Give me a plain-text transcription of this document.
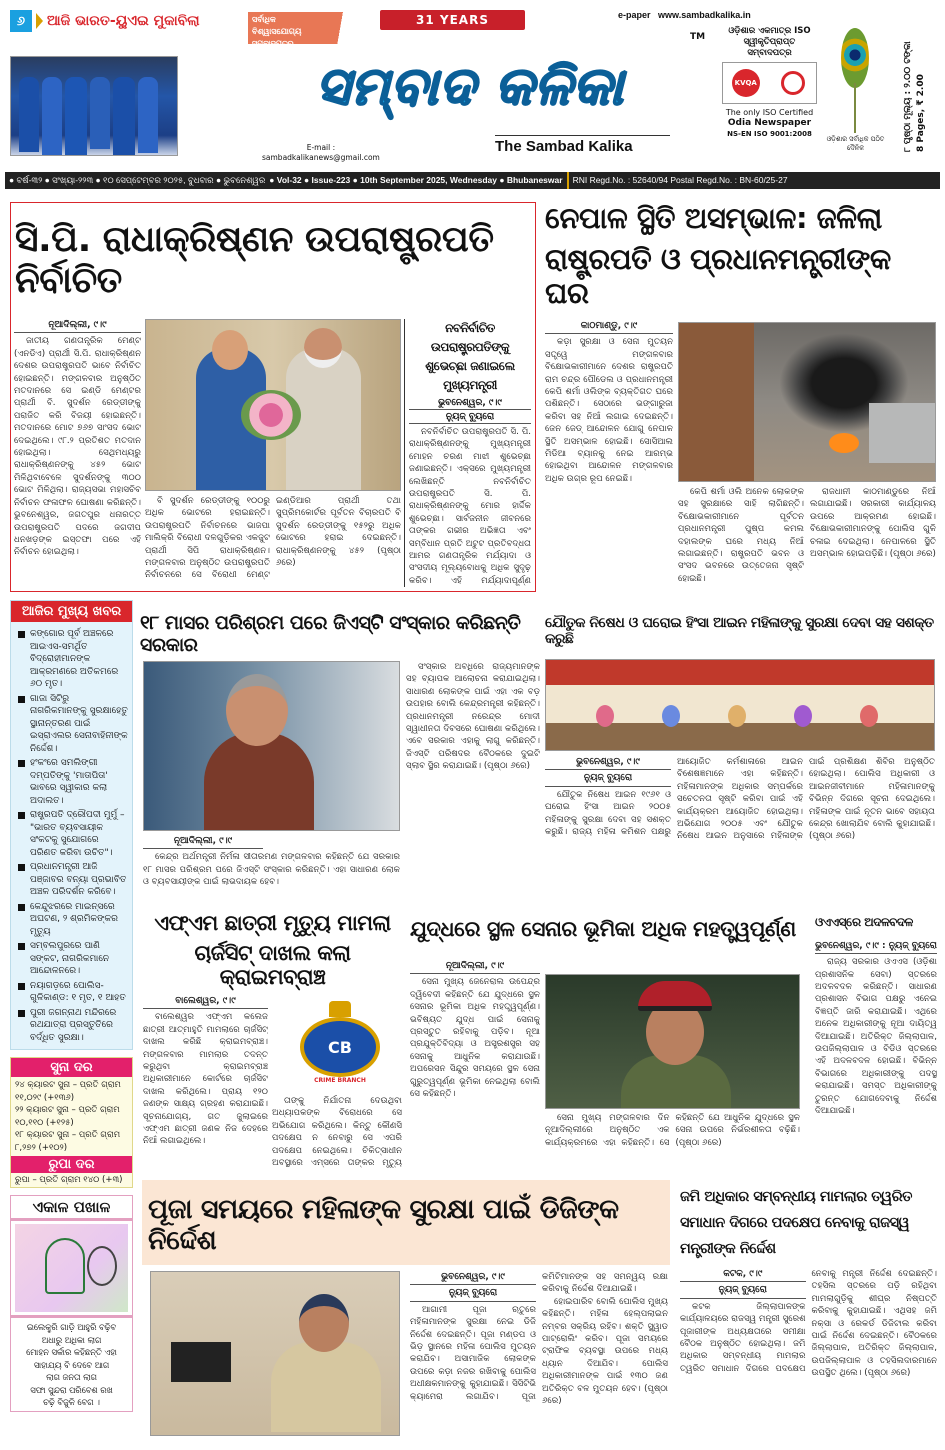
୬	ଆଜି ଭାରତ-ୟୁଏଇ ମୁକାବିଲା	ସର୍ବାଧିକ ବିଶ୍ୱାସଯୋଗ୍ୟ ସମ୍ବାଦପତ୍ର
31 YEARS
ସମ୍ବାଦ କଳିକା
TM
The Sambad Kalika
E-mail :
sambadkalikanews@gmail.com
e-paper www.sambadkalika.in
ଓଡ଼ିଶାର ଏକମାତ୍ର ISO ସ୍ୱୀକୃତିପ୍ରାପ୍ତ ସମ୍ବାଦପତ୍ର
KVQA
The only ISO Certified
Odia Newspaper
NS-EN ISO 9001:2008
ଓଡ଼ିଶାର ସର୍ବାଧିକ ପଠିତ ଦୈନିକ	୮ ପୃଷ୍ଠା ମୂଲ୍ୟ : ୨.୦୦ ଟଙ୍କା 8 Pages, ₹ 2.00
● ବର୍ଷ-୩୨ ● ସଂଖ୍ୟା-୨୨୩ ● ୧୦ ସେପ୍ଟେମ୍ବର ୨୦୨୫, ବୁଧବାର ● ଭୁବନେଶ୍ୱର ● Vol-32 ● Issue-223 ● 10th September 2025, Wednesday ● Bhubaneswar	RNI Regd.No. : 52640/94 Postal Regd.No. : BN-60/25-27
ସି.ପି. ରାଧାକ୍ରିଷ୍ଣନ ଉପରାଷ୍ଟ୍ରପତି ନିର୍ବାଚିତ
ନୂଆଦିଲ୍ଲୀ, ୯।୯

ଜାତୀୟ ଗଣତାନ୍ତ୍ରିକ ମେଣ୍ଟ (ଏନଡିଏ) ପ୍ରାର୍ଥୀ ସି.ପି. ରାଧାକ୍ରିଷ୍ଣନ ଦେଶର ଉପରାଷ୍ଟ୍ରପତି ଭାବେ ନିର୍ବାଚିତ ହୋଇଛନ୍ତି। ମଙ୍ଗଳବାର ଅନୁଷ୍ଠିତ ମତଦାନରେ ସେ ଇଣ୍ଡି ମେଣ୍ଟର ପ୍ରାର୍ଥୀ ବି. ସୁଦର୍ଶନ ରେଡ୍ଡୀଙ୍କୁ ପରାଜିତ କରି ବିଜୟୀ ହୋଇଛନ୍ତି। ମତଦାନରେ ମୋଟ ୭୬୭ ସାଂସଦ ଭୋଟ ଦେଇଥିଲେ। ୯୮.୨ ପ୍ରତିଶତ ମତଦାନ ହୋଇଥିଲା। ସେଥିମଧ୍ୟରୁ ରାଧାକ୍ରିଷ୍ଣନଙ୍କୁ ୪୫୨ ଭୋଟ ମିଳିଥିବାବେଳେ ସୁଦର୍ଶନଙ୍କୁ ୩୦୦ ଭୋଟ ମିଳିଥିଲା। ରାଜ୍ୟସଭା ମହାସଚିବ ନିର୍ବାଚନ ଫଳାଫଳ ଘୋଷଣା କରିଛନ୍ତି। ଭୁବନେଶ୍ୱର, ଜଗତପୁର ଧନାରତ୍ତ ଉପରାଷ୍ଟ୍ରପତି ପଦରେ ଜଗଦୀପ ଧନଖଡ଼ଙ୍କ ଇସ୍ତଫା ପରେ ଏହି ନିର୍ବାଚନ ହୋଇଥିଲା।

ବି ସୁଦର୍ଶନ ରେଡ୍ଡୀଙ୍କୁ ୧୦୦ରୁ ଅଧିକ ଭୋଟରେ ହରାଇଛନ୍ତି। ଉପରାଷ୍ଟ୍ରପତି ନିର୍ବାଚନରେ ଭାଜପା ମାଲିକ୍ରି ବିରୋଧୀ ଦଳଗୁଡ଼ିକର ଏକଜୁଟ ପ୍ରାର୍ଥୀ ସିପି ରାଧାକ୍ରିଷ୍ଣନ। ମଙ୍ଗଳବାର ଅନୁଷ୍ଠିତ ଉପରାଷ୍ଟ୍ରପତି ନିର୍ବାଚନରେ ସେ ବିରୋଧୀ ମେଣ୍ଟ ଇଣ୍ଡିଆର ପ୍ରାର୍ଥୀ ତଥା ସୁପ୍ରିମକୋର୍ଟର ପୂର୍ବତନ ବିଚାରପତି ବି ସୁଦର୍ଶନ ରେଡ୍ଡୀଙ୍କୁ ୧୫୨ରୁ ଅଧିକ ଭୋଟରେ ହରାଇ ଦେଇଛନ୍ତି। ରାଧାକ୍ରିଷ୍ଣନଙ୍କୁ ୪୫୨ (ପୃଷ୍ଠା ୬ରେ)

ନବନିର୍ବାଚିତ ଉପରାଷ୍ଟ୍ରପତିଙ୍କୁ ଶୁଭେଚ୍ଛା ଜଣାଇଲେ ମୁଖ୍ୟମନ୍ତ୍ରୀ
ଭୁବନେଶ୍ୱର, ୯।୯
ନ୍ୟୁଜ୍ ବ୍ୟୁରୋ

ନବନିର୍ବାଚିତ ଉପରାଷ୍ଟ୍ରପତି ସି. ପି. ରାଧାକ୍ରିଷ୍ଣନଙ୍କୁ ମୁଖ୍ୟମନ୍ତ୍ରୀ ମୋହନ ଚରଣ ମାଝୀ ଶୁଭେଚ୍ଛା ଜଣାଇଛନ୍ତି। ଏକ୍ସରେ ମୁଖ୍ୟମନ୍ତ୍ରୀ ଲେଖିଛନ୍ତି ନବନିର୍ବାଚିତ ଉପରାଷ୍ଟ୍ରପତି ସି. ପି. ରାଧାକ୍ରିଷ୍ଣନଙ୍କୁ ମୋର ହାର୍ଦ୍ଦିକ ଶୁଭେଚ୍ଛା। ସାର୍ବଜନୀନ ଜୀବନରେ ତାଙ୍କର ଗଭୀର ଅଭିଜ୍ଞତା ଏବଂ ସମ୍ବିଧାନ ପ୍ରତି ଅଟୁଟ ପ୍ରତିବଦ୍ଧତା ଆମର ଗଣତାନ୍ତ୍ରିକ ମର୍ଯ୍ୟାଦା ଓ ସଂସଦୀୟ ମୂଲ୍ୟବୋଧକୁ ଅଧିକ ସୁଦୃଢ଼ କରିବ। ଏହି ମର୍ଯ୍ୟାଦାପୂର୍ଣ୍ଣ

ନେପାଳ ସ୍ଥିତି ଅସମ୍ଭାଳ: ଜଳିଲା
ରାଷ୍ଟ୍ରପତି ଓ ପ୍ରଧାନମନ୍ତ୍ରୀଙ୍କ ଘର
କାଠମାଣ୍ଡୁ, ୯।୯

କଡ଼ା ସୁରକ୍ଷା ଓ ସେନା ମୁତୟନ ସତ୍ତ୍ୱେ ମଙ୍ଗଳବାର ବିକ୍ଷୋଭକାରୀମାନେ ଦେଶର ରାଷ୍ଟ୍ରପତି ରାମ ଚନ୍ଦ୍ର ପୌଡେଲ ଓ ପ୍ରଧାନମନ୍ତ୍ରୀ କେପି ଶର୍ମା ଓଲିଙ୍କ ବ୍ୟକ୍ତିଗତ ଘରେ ପଶିଛନ୍ତି। ସେଠାରେ ଭଙ୍ଗାରୁଜା କରିବା ସହ ନିଆଁ ଲଗାଇ ଦେଇଛନ୍ତି। ଜେନ ଜେଡ୍ ଆନ୍ଦୋଳନ ଯୋଗୁ ନେପାଳ ସ୍ଥିତି ଅସମ୍ଭାଳ ହୋଇଛି। ସୋସିଆଲ ମିଡିଆ ବ୍ୟାନକୁ ନେଇ ଆରମ୍ଭ ହୋଇଥିବା ଆନ୍ଦୋଳନ ମଙ୍ଗଳବାର ଅଧିକ ଉଗ୍ର ରୂପ ନେଇଛି।

କେପି ଶର୍ମା ଓଲି ଅନେକ ଲୋକଙ୍କ ସହ ସୁରକ୍ଷାରେ ସାହି ଲାଗିଛନ୍ତି। ବିକ୍ଷୋଭକାରୀମାନେ ପୂର୍ବତନ ପ୍ରଧାନମନ୍ତ୍ରୀ ପୁଷ୍ପ କମଲ ଦହାଲଙ୍କ ଘରେ ମଧ୍ୟ ନିଆଁ ଲଗାଇଛନ୍ତି। ରାଷ୍ଟ୍ରପତି ଭବନ ଓ ସଂସଦ ଭବନରେ ଉତ୍ତେଜନା ସୃଷ୍ଟି ହୋଇଛି।

ରାଜଧାନୀ କାଠମାଣ୍ଡୁରେ ନିଆଁ ଲଗାଯାଇଛି। ସରକାରୀ କାର୍ଯ୍ୟାଳୟ ଉପରେ ଆକ୍ରମଣ ହୋଇଛି। ବିକ୍ଷୋଭକାରୀମାନଙ୍କୁ ପୋଲିସ ଗୁଳି ଚଳାଇ ଦେଇଥିଲା। ନେପାଳରେ ସ୍ଥିତି ଅସମ୍ଭାଳ ହୋଇପଡ଼ିଛି। (ପୃଷ୍ଠା ୬ରେ)

ଆଜିର ମୁଖ୍ୟ ଖବର
କଙ୍ଗୋର ପୂର୍ବ ଅଞ୍ଚଳରେ ଆଇଏସ-ସମର୍ଥିତ ବିଦ୍ରୋହୀମାନଙ୍କ ଆକ୍ରମଣରେ ଅତିକମରେ ୬୦ ମୃତ।
ଗାଜା ସିଟିରୁ ନାଗରିକମାନଙ୍କୁ ସୁରକ୍ଷାହେତୁ ସ୍ଥାନାନ୍ତରଣ ପାଇଁ ଇସ୍ରାଏଲର ସେନାବାହିନୀଙ୍କ ନିର୍ଦ୍ଦେଶ।
ହଂକଂରେ ସମଲିଙ୍ଗୀ ଦମ୍ପତିଙ୍କୁ 'ମାତାପିତା' ଭାବରେ ସ୍ୱୀକାର କଲା ଅଦାଲତ।
ରାଷ୍ଟ୍ରପତି ଦ୍ରୌପଦୀ ମୁର୍ମୁ – "ଭାରତ ବ୍ୟବସାୟୀକ ସଂକଟକୁ ସୁଯୋଗରେ ପରିଣତ କରିବା ଉଚିତ"।
ପ୍ରଧାନମନ୍ତ୍ରୀ ଆଜି ପଞ୍ଜାବର ବନ୍ୟା ପ୍ରଭାବିତ ଅଞ୍ଚଳ ପରିଦର୍ଶନ କରିବେ।
କେନ୍ଦୁଝରରେ ମାଇନ୍ସରେ ଅଘଟଣ, ୨ ଶ୍ରମିକଙ୍କର ମୃତ୍ୟୁ
ସମ୍ବଲପୁରରେ ପାଣି ସଙ୍କଟ, ନାଗରିକମାନେ ଆନ୍ଦୋଳନରେ।
ନୟାଗଡ଼ରେ ପୋଲିସ-ଗୁଳିକାଣ୍ଡ: ୧ ମୃତ, ୧ ଆହତ
ପୁରୀ ଜଗନ୍ନାଥ ମନ୍ଦିରରେ ରଥଯାତ୍ରା ପ୍ରସ୍ତୁତିରେ ବର୍ଦ୍ଧିତ ସୁରକ୍ଷା।
ସୁନା ଦର
୨୪ କ୍ୟାରଟ ସୁନା – ପ୍ରତି ଗ୍ରାମ ୧୧,୦୨୯ (+୧୩୬)
୨୨ କ୍ୟାରଟ ସୁନା – ପ୍ରତି ଗ୍ରାମ ୧୦,୧୧୦ (+୧୨୫)
୧୮ କ୍ୟାରଟ ସୁନା – ପ୍ରତି ଗ୍ରାମ ୮,୨୭୨ (+୧୦୨)
ରୁପା ଦର
ରୁପା – ପ୍ରତି ଗ୍ରାମ ୧୪୦ (+୩)
ଏକାଳ ପଖାଳ
ଇଲେକ୍ଟ୍ରି ଗାଡ଼ି ଆହୁରି ବଢ଼ିବ
ଅଧାରୁ ଅଧିକା ଲାଗ
ମୋହନ ସର୍କାର କହିଛନ୍ତି ଏହା
ସାହାଯ୍ୟ ବି ଦେବେ ଆଗ
ଲାଗ ଜନତା ଲାଗ
ସଫା ସୁନ୍ଦରା ପରିବେଶ ରଖ
ଚଢ଼ି ବିଜୁଳି ବେଗ ।
୧୮ ମାସର ପରିଶ୍ରମ ପରେ ଜିଏସ୍‌ଟି ସଂସ୍କାର କରିଛନ୍ତି ସରକାର
ନୂଆଦିଲ୍ଲୀ, ୯।୯

କେନ୍ଦ୍ର ଅର୍ଥମନ୍ତ୍ରୀ ନିର୍ମଳା ସୀତାରମଣ ମଙ୍ଗଳବାର କହିଛନ୍ତି ଯେ ସରକାର ୧୮ ମାସର ପରିଶ୍ରମ ପରେ ଜିଏସ୍‌ଟି ସଂସ୍କାର କରିଛନ୍ତି। ଏହା ସାଧାରଣ ଲୋକ ଓ ବ୍ୟବସାୟୀଙ୍କ ପାଇଁ ଲାଭଦାୟକ ହେବ।

ସଂସ୍କାର ଅବଧିରେ ରାଜ୍ୟମାନଙ୍କ ସହ ବ୍ୟାପକ ଆଲୋଚନା କରାଯାଇଥିଲା। ସାଧାରଣ ଲୋକଙ୍କ ପାଇଁ ଏହା ଏକ ବଡ଼ ଉପହାର ବୋଲି କେନ୍ଦ୍ରମନ୍ତ୍ରୀ କହିଛନ୍ତି। ପ୍ରଧାନମନ୍ତ୍ରୀ ନରେନ୍ଦ୍ର ମୋଦୀ ସ୍ୱାଧୀନତା ଦିବସରେ ଘୋଷଣା କରିଥିଲେ। ଏବେ ସରକାର ଏହାକୁ ଲାଗୁ କରିଛନ୍ତି। ଜିଏସ୍‌ଟି ପରିଷଦର ବୈଠକରେ ଦୁଇଟି ସ୍ଲାବ ସ୍ଥିର କରାଯାଇଛି। (ପୃଷ୍ଠା ୬ରେ)

ଯୌତୁକ ନିଷେଧ ଓ ଘରୋଇ ହିଂସା ଆଇନ ମହିଳାଙ୍କୁ ସୁରକ୍ଷା ଦେବା ସହ ସଶକ୍ତ କରୁଛି
ଭୁବନେଶ୍ୱର, ୯।୯
ନ୍ୟୁଜ୍ ବ୍ୟୁରୋ

ଯୌତୁକ ନିଷେଧ ଆଇନ ୧୯୬୧ ଓ ଘରୋଇ ହିଂସା ଆଇନ ୨୦୦୫ ମହିଳାଙ୍କୁ ସୁରକ୍ଷା ଦେବା ସହ ସଶକ୍ତ କରୁଛି। ରାଜ୍ୟ ମହିଳା କମିଶନ ପକ୍ଷରୁ ଆୟୋଜିତ କର୍ମଶାଳାରେ ଆଇନ ବିଶେଷଜ୍ଞମାନେ ଏହା କହିଛନ୍ତି। ମହିଳାମାନଙ୍କ ଅଧିକାର ସମ୍ପର୍କରେ ସଚେତନତା ସୃଷ୍ଟି କରିବା ପାଇଁ ଏହି କାର୍ଯ୍ୟକ୍ରମ ଆୟୋଜିତ ହୋଇଥିଲା। ଅଭିଯୋଗ ୨୦୦୫ ଏବଂ ଯୌତୁକ ନିଷେଧ ଆଇନ ଅନୁସାରେ ମହିଳାଙ୍କ ପାଇଁ ପ୍ରଶିକ୍ଷଣ ଶିବିର ଅନୁଷ୍ଠିତ ହୋଇଥିଲା। ପୋଲିସ ଅଧିକାରୀ ଓ ଆଇନଜୀବୀମାନେ ମହିଳାମାନଙ୍କୁ ବିଭିନ୍ନ ଦିଗରେ ସୂଚନା ଦେଇଥିଲେ। ମହିଳାଙ୍କ ପାଇଁ ନୂତନ ଭାବେ ସହାୟତା କେନ୍ଦ୍ର ଖୋଲାଯିବ ବୋଲି କୁହାଯାଇଛି। (ପୃଷ୍ଠା ୬ରେ)

ଏଫ୍‌ଏମ ଛାତ୍ରୀ ମୃତ୍ୟୁ ମାମଲା
ଚାର୍ଜସିଟ୍ ଦାଖଲ କଲା କ୍ରାଇମବ୍ରାଞ୍ଚ
ବାଲେଶ୍ୱର, ୯।୯

ବାଲେଶ୍ୱର ଏଫ୍‌ଏମ କଲେଜ ଛାତ୍ରୀ ଆତ୍ମାହୁତି ମାମଲାରେ ଚାର୍ଜସିଟ୍ ଦାଖଲ କରିଛି କ୍ରାଇମବ୍ରାଞ୍ଚ। ମଙ୍ଗଳବାର ମାମଲାର ତଦନ୍ତ କରୁଥିବା କ୍ରାଇମବ୍ରାଞ୍ଚ ଅଧିକାରୀମାନେ କୋର୍ଟରେ ଚାର୍ଜସିଟ ଦାଖଲ କରିଥିଲେ। ପ୍ରାୟ ୧୨୦ ଜଣଙ୍କ ସାକ୍ଷ୍ୟ ଗ୍ରହଣ କରାଯାଇଛି। ସୂଚନାଯୋଗ୍ୟ, ଗତ ଜୁଲାଇରେ ଏଫ୍‌ଏମ ଛାତ୍ରୀ ଜଣକ ନିଜ ଦେହରେ ନିଆଁ ଲଗାଇଥିଲେ।

CB
CRIME BRANCH

ତାଙ୍କୁ ନିର୍ଯାତନା ଦେଉଥିବା ଅଧ୍ୟାପକଙ୍କ ବିରୋଧରେ ସେ ଅଭିଯୋଗ କରିଥିଲେ। କିନ୍ତୁ କୌଣସି ପଦକ୍ଷେପ ନ ନେବାରୁ ସେ ଏପରି ପଦକ୍ଷେପ ନେଇଥିଲେ। ଚିକିତ୍ସାଧୀନ ଅବସ୍ଥାରେ ଏମ୍ସରେ ତାଙ୍କର ମୃତ୍ୟୁ

ଯୁଦ୍ଧରେ ସ୍ଥଳ ସେନାର ଭୂମିକା ଅଧିକ ମହତ୍ତ୍ୱପୂର୍ଣ୍ଣ
ନୂଆଦିଲ୍ଲୀ, ୯।୯

ସେନା ମୁଖ୍ୟ ଜେନେରାଲ ଉପେନ୍ଦ୍ର ଦ୍ୱିବେଦୀ କହିଛନ୍ତି ଯେ ଯୁଦ୍ଧରେ ସ୍ଥଳ ସେନାର ଭୂମିକା ଅଧିକ ମହତ୍ତ୍ୱପୂର୍ଣ୍ଣ। ଭବିଷ୍ୟତ ଯୁଦ୍ଧ ପାଇଁ ସେନାକୁ ପ୍ରସ୍ତୁତ ରହିବାକୁ ପଡ଼ିବ। ନୂଆ ପ୍ରଯୁକ୍ତିବିଦ୍ୟା ଓ ଅସ୍ତ୍ରଶସ୍ତ୍ର ସହ ସେନାକୁ ଆଧୁନିକ କରାଯାଉଛି। ଅପରେସନ ସିନ୍ଦୁର ସମୟରେ ସ୍ଥଳ ସେନା ଗୁରୁତ୍ୱପୂର୍ଣ୍ଣ ଭୂମିକା ନେଇଥିଲା ବୋଲି ସେ କହିଛନ୍ତି।

ସେନା ମୁଖ୍ୟ ମଙ୍ଗଳବାର ଦିନ ନୂଆଦିଲ୍ଲୀରେ ଅନୁଷ୍ଠିତ ଏକ କାର୍ଯ୍ୟକ୍ରମରେ ଏହା କହିଛନ୍ତି। ସେ କହିଛନ୍ତି ଯେ ଆଧୁନିକ ଯୁଦ୍ଧରେ ସ୍ଥଳ ସେନା ଉପରେ ନିର୍ଭରଶୀଳତା ବଢ଼ିଛି। (ପୃଷ୍ଠା ୬ରେ)

ଓଏଏସ୍‌ରେ ଅଦଳବଦଳ
ଭୁବନେଶ୍ୱର, ୯।୯ : ନ୍ୟୁଜ୍ ବ୍ୟୁରୋ

ରାଜ୍ୟ ସରକାର ଓଏଏସ (ଓଡ଼ିଶା ପ୍ରଶାସନିକ ସେବା) ସ୍ତରରେ ଅଦଳବଦଳ କରିଛନ୍ତି। ସାଧାରଣ ପ୍ରଶାସନ ବିଭାଗ ପକ୍ଷରୁ ଏନେଇ ବିଜ୍ଞପ୍ତି ଜାରି କରାଯାଇଛି। ଏଥିରେ ଅନେକ ଅଧିକାରୀଙ୍କୁ ନୂଆ ଦାୟିତ୍ୱ ଦିଆଯାଇଛି। ଅତିରିକ୍ତ ଜିଲ୍ଲାପାଳ, ଉପଜିଲ୍ଲାପାଳ ଓ ବିଡିଓ ସ୍ତରରେ ଏହି ଅଦଳବଦଳ ହୋଇଛି। ବିଭିନ୍ନ ବିଭାଗରେ ଅଧିକାରୀଙ୍କୁ ପଦସ୍ଥ କରାଯାଇଛି। ସମସ୍ତ ଅଧିକାରୀଙ୍କୁ ତୁରନ୍ତ ଯୋଗଦେବାକୁ ନିର୍ଦ୍ଦେଶ ଦିଆଯାଇଛି।

ପୂଜା ସମୟରେ ମହିଳାଙ୍କ ସୁରକ୍ଷା ପାଇଁ ଡିଜିଙ୍କ ନିର୍ଦ୍ଦେଶ
ଭୁବନେଶ୍ୱର, ୯।୯
ନ୍ୟୁଜ୍ ବ୍ୟୁରୋ

ଆଗାମୀ ପୂଜା ଋତୁରେ ମହିଳାମାନଙ୍କ ସୁରକ୍ଷା ନେଇ ଡିଜି ନିର୍ଦ୍ଦେଶ ଦେଇଛନ୍ତି। ପୂଜା ମଣ୍ଡପ ଓ ଭିଡ଼ ସ୍ଥାନରେ ମହିଳା ପୋଲିସ ମୁତୟନ କରାଯିବ। ଅସାମାଜିକ ଲୋକଙ୍କ ଉପରେ କଡ଼ା ନଜର ରଖିବାକୁ ପୋଲିସ ଅଧୀକ୍ଷକମାନଙ୍କୁ କୁହାଯାଇଛି। ସିସିଟିଭି କ୍ୟାମେରା ଲଗାଯିବ। ପୂଜା କମିଟିମାନଙ୍କ ସହ ସମନ୍ୱୟ ରକ୍ଷା କରିବାକୁ ନିର୍ଦ୍ଦେଶ ଦିଆଯାଇଛି।

ହୋଇପାରିବ ବୋଲି ପୋଲିସ ମୁଖ୍ୟ କହିଛନ୍ତି। ମହିଳା ହେଲ୍ପଲାଇନ ନମ୍ବର ସକ୍ରିୟ ରହିବ। ଶକ୍ତି ସ୍କ୍ୱାଡ ପାଟ୍ରୋଲିଂ କରିବ। ପୂଜା ସମୟରେ ଟ୍ରାଫିକ ବ୍ୟବସ୍ଥା ଉପରେ ମଧ୍ୟ ଧ୍ୟାନ ଦିଆଯିବ। ପୋଲିସ ଅଧିକାରୀମାନଙ୍କ ପାଇଁ ୧୩୦ ଜଣ ଅତିରିକ୍ତ ବଳ ମୁତୟନ ହେବ। (ପୃଷ୍ଠା ୬ରେ)

ଜମି ଅଧିକାର ସମ୍ବନ୍ଧୀୟ ମାମଲାର ତ୍ୱରିତ ସମାଧାନ ଦିଗରେ ପଦକ୍ଷେପ ନେବାକୁ ରାଜସ୍ୱ ମନ୍ତ୍ରୀଙ୍କ ନିର୍ଦ୍ଦେଶ
କଟକ, ୯।୯
ନ୍ୟୁଜ୍ ବ୍ୟୁରୋ

କଟକ ଜିଲ୍ଲାପାଳଙ୍କ କାର୍ଯ୍ୟାଳୟରେ ରାଜସ୍ୱ ମନ୍ତ୍ରୀ ସୁରେଶ ପୂଜାରୀଙ୍କ ଅଧ୍ୟକ୍ଷତାରେ ସମୀକ୍ଷା ବୈଠକ ଅନୁଷ୍ଠିତ ହୋଇଥିଲା। ଜମି ଅଧିକାର ସମ୍ବନ୍ଧୀୟ ମାମଲାର ତ୍ୱରିତ ସମାଧାନ ଦିଗରେ ପଦକ୍ଷେପ ନେବାକୁ ମନ୍ତ୍ରୀ ନିର୍ଦ୍ଦେଶ ଦେଇଛନ୍ତି। ତହସିଲ ସ୍ତରରେ ପଡ଼ି ରହିଥିବା ମାମଲାଗୁଡ଼ିକୁ ଶୀଘ୍ର ନିଷ୍ପତ୍ତି କରିବାକୁ କୁହାଯାଇଛି। ଏଥିସହ ଜମି ନକ୍ସା ଓ ରେକର୍ଡ ଡିଜିଟାଲ କରିବା ପାଇଁ ନିର୍ଦ୍ଦେଶ ଦେଇଛନ୍ତି। ବୈଠକରେ ଜିଲ୍ଲାପାଳ, ଅତିରିକ୍ତ ଜିଲ୍ଲାପାଳ, ଉପଜିଲ୍ଲାପାଳ ଓ ତହସିଲଦାରମାନେ ଉପସ୍ଥିତ ଥିଲେ। (ପୃଷ୍ଠା ୬ରେ)
